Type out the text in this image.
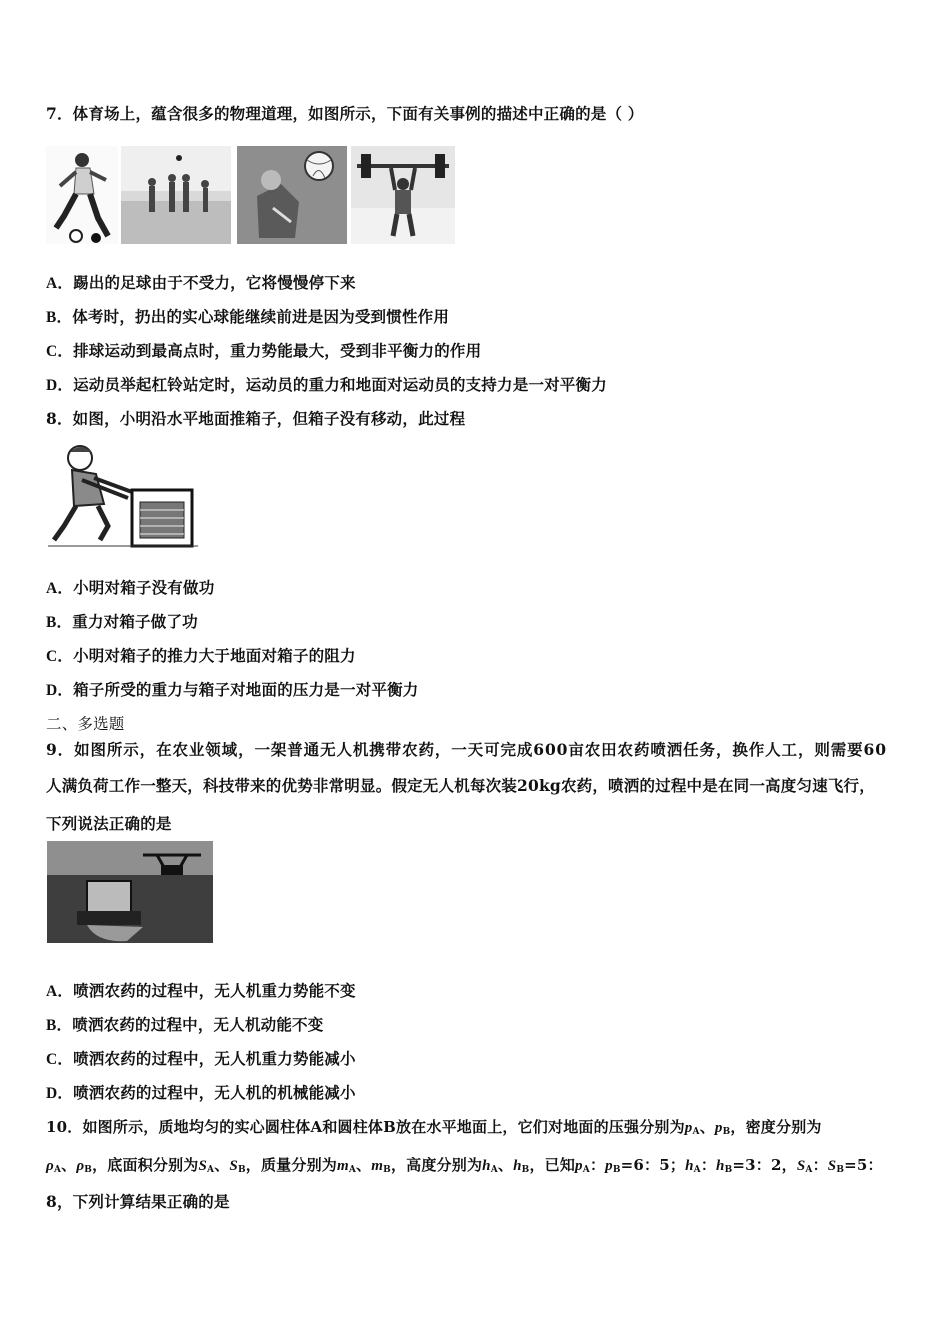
7．体育场上，蕴含很多的物理道理，如图所示，下面有关事例的描述中正确的是（ ）
A．踢出的足球由于不受力，它将慢慢停下来
B．体考时，扔出的实心球能继续前进是因为受到惯性作用
C．排球运动到最高点时，重力势能最大，受到非平衡力的作用
D．运动员举起杠铃站定时，运动员的重力和地面对运动员的支持力是一对平衡力
8．如图，小明沿水平地面推箱子，但箱子没有移动，此过程
A．小明对箱子没有做功
B．重力对箱子做了功
C．小明对箱子的推力大于地面对箱子的阻力
D．箱子所受的重力与箱子对地面的压力是一对平衡力
二、多选题
9．如图所示，在农业领域，一架普通无人机携带农药，一天可完成600亩农田农药喷洒任务，换作人工，则需要60
人满负荷工作一整天，科技带来的优势非常明显。假定无人机每次装20kg农药，喷洒的过程中是在同一高度匀速飞行，
下列说法正确的是
A．喷洒农药的过程中，无人机重力势能不变
B．喷洒农药的过程中，无人机动能不变
C．喷洒农药的过程中，无人机重力势能减小
D．喷洒农药的过程中，无人机的机械能减小
10．如图所示，质地均匀的实心圆柱体A和圆柱体B放在水平地面上，它们对地面的压强分别为$p_A$、$p_B$，密度分别为
$\rho_A$、$\rho_B$，底面积分别为$S_A$、$S_B$，质量分别为$m_A$、$m_B$，高度分别为$h_A$、$h_B$，已知$p_A$：$p_B=6$：5；$h_A$：$h_B=3$：2，$S_A$：$S_B=5$：
8，下列计算结果正确的是
